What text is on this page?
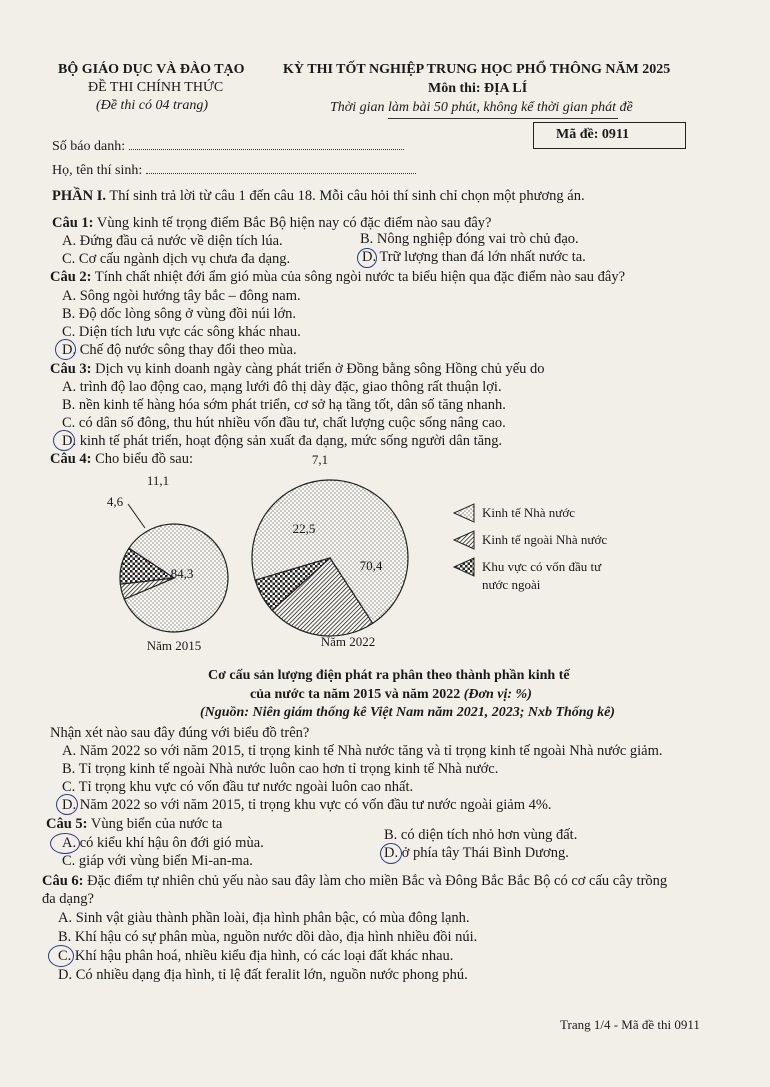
BỘ GIÁO DỤC VÀ ĐÀO TẠO
ĐỀ THI CHÍNH THỨC
(Đề thi có 04 trang)
KỲ THI TỐT NGHIỆP TRUNG HỌC PHỔ THÔNG NĂM 2025
Môn thi: ĐỊA LÍ
Thời gian làm bài 50 phút, không kể thời gian phát đề
Mã đề: 0911
Số báo danh:
Họ, tên thí sinh:
PHẦN I. Thí sinh trả lời từ câu 1 đến câu 18. Mỗi câu hỏi thí sinh chỉ chọn một phương án.
Câu 1: Vùng kinh tế trọng điểm Bắc Bộ hiện nay có đặc điểm nào sau đây?
A. Đứng đầu cả nước về diện tích lúa.	B. Nông nghiệp đóng vai trò chủ đạo.
C. Cơ cấu ngành dịch vụ chưa đa dạng.	D. Trữ lượng than đá lớn nhất nước ta.
Câu 2: Tính chất nhiệt đới ẩm gió mùa của sông ngòi nước ta biểu hiện qua đặc điểm nào sau đây?
A. Sông ngòi hướng tây bắc – đông nam.
B. Độ dốc lòng sông ở vùng đồi núi lớn.
C. Diện tích lưu vực các sông khác nhau.
D. Chế độ nước sông thay đổi theo mùa.
Câu 3: Dịch vụ kinh doanh ngày càng phát triển ở Đồng bằng sông Hồng chủ yếu do
A. trình độ lao động cao, mạng lưới đô thị dày đặc, giao thông rất thuận lợi.
B. nền kinh tế hàng hóa sớm phát triển, cơ sở hạ tầng tốt, dân số tăng nhanh.
C. có dân số đông, thu hút nhiều vốn đầu tư, chất lượng cuộc sống nâng cao.
D. kinh tế phát triển, hoạt động sản xuất đa dạng, mức sống người dân tăng.
Câu 4: Cho biểu đồ sau:
84,3
4,6
11,1
Năm 2015
70,4
22,5
7,1
Năm 2022
Kinh tế Nhà nước
Kinh tế ngoài Nhà nước
Khu vực có vốn đầu tư
nước ngoài
Cơ cấu sản lượng điện phát ra phân theo thành phần kinh tế
của nước ta năm 2015 và năm 2022 (Đơn vị: %)
(Nguồn: Niên giám thống kê Việt Nam năm 2021, 2023; Nxb Thống kê)
Nhận xét nào sau đây đúng với biểu đồ trên?
A. Năm 2022 so với năm 2015, tỉ trọng kinh tế Nhà nước tăng và tỉ trọng kinh tế ngoài Nhà nước giảm.
B. Tỉ trọng kinh tế ngoài Nhà nước luôn cao hơn tỉ trọng kinh tế Nhà nước.
C. Tỉ trọng khu vực có vốn đầu tư nước ngoài luôn cao nhất.
D. Năm 2022 so với năm 2015, tỉ trọng khu vực có vốn đầu tư nước ngoài giảm 4%.
Câu 5: Vùng biển của nước ta
A. có kiểu khí hậu ôn đới gió mùa.	B. có diện tích nhỏ hơn vùng đất.
C. giáp với vùng biển Mi-an-ma.	D. ở phía tây Thái Bình Dương.
Câu 6: Đặc điểm tự nhiên chủ yếu nào sau đây làm cho miền Bắc và Đông Bắc Bắc Bộ có cơ cấu cây trồng
đa dạng?
A. Sinh vật giàu thành phần loài, địa hình phân bậc, có mùa đông lạnh.
B. Khí hậu có sự phân mùa, nguồn nước dồi dào, địa hình nhiều đồi núi.
C. Khí hậu phân hoá, nhiều kiểu địa hình, có các loại đất khác nhau.
D. Có nhiều dạng địa hình, tỉ lệ đất feralit lớn, nguồn nước phong phú.
Trang 1/4 - Mã đề thi 0911
